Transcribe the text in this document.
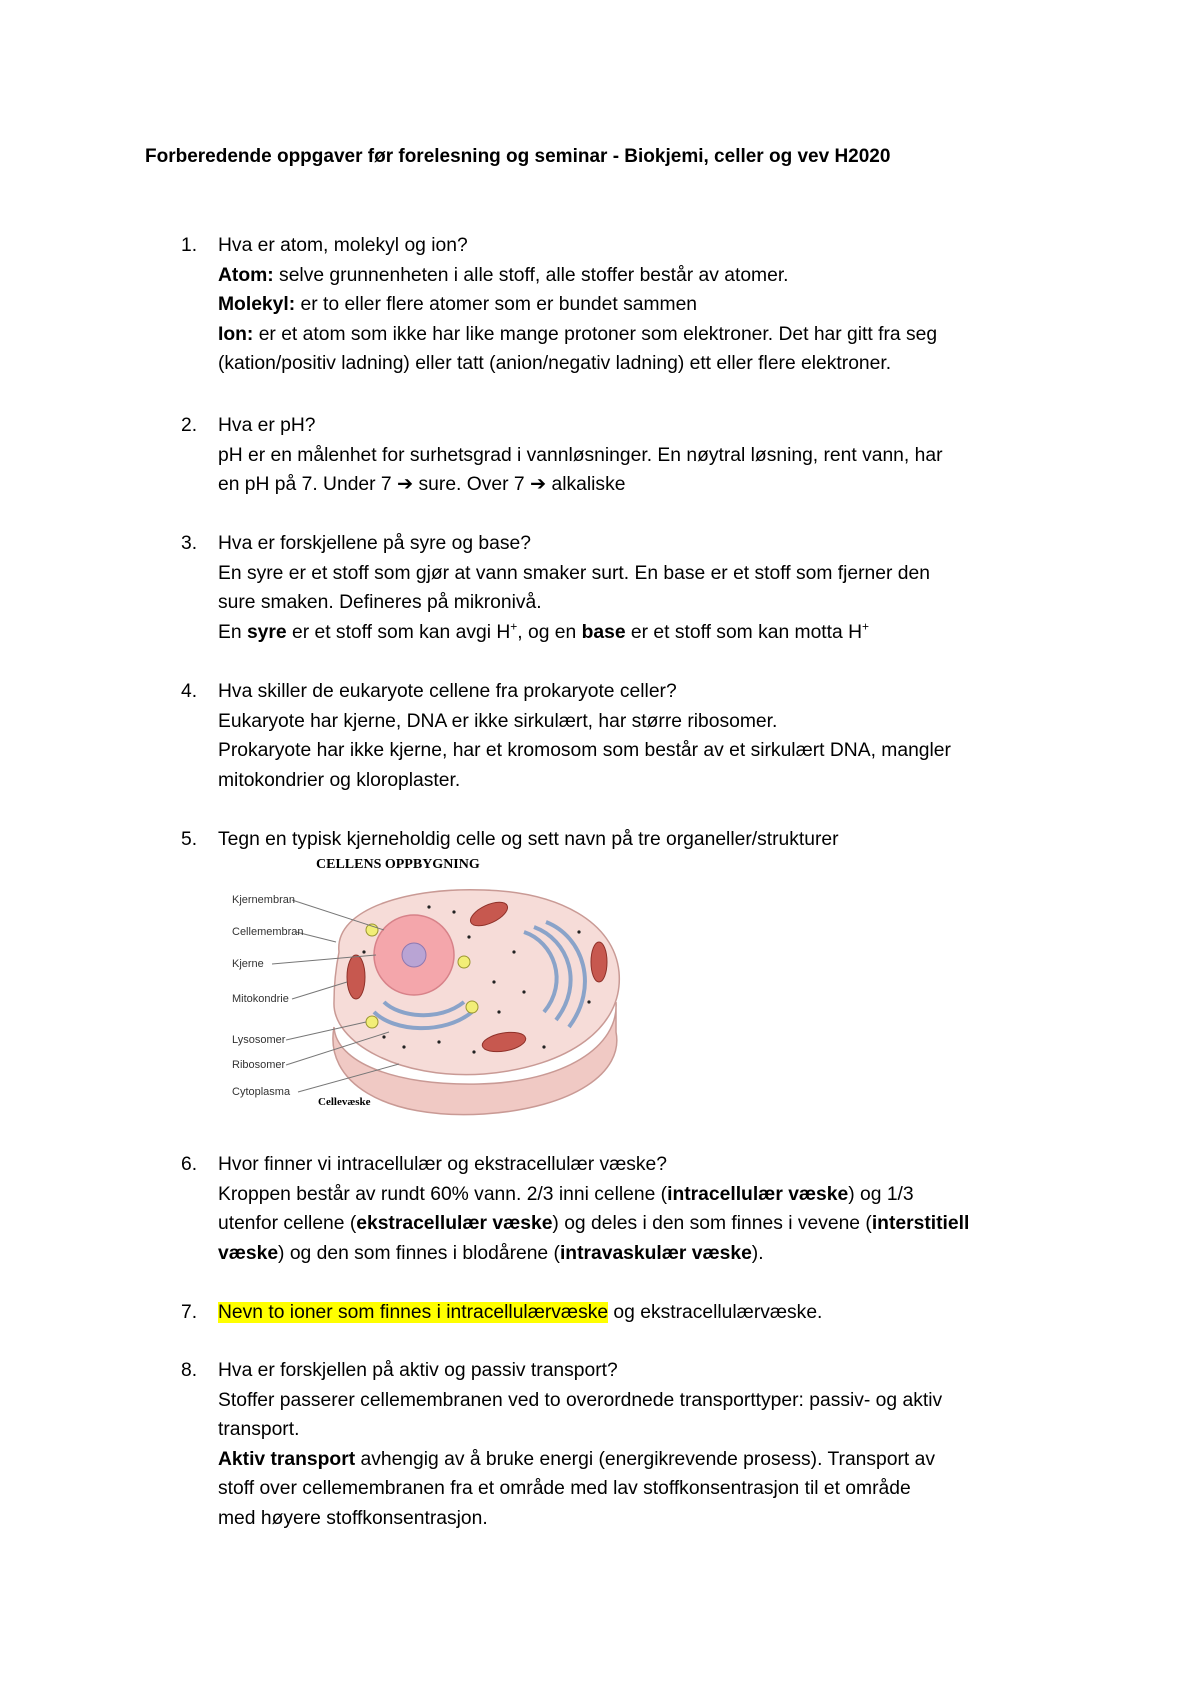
Forberedende oppgaver før forelesning og seminar - Biokjemi, celler og vev H2020
1. Hva er atom, molekyl og ion?
Atom: selve grunnenheten i alle stoff, alle stoffer består av atomer.
Molekyl: er to eller flere atomer som er bundet sammen
Ion: er et atom som ikke har like mange protoner som elektroner. Det har gitt fra seg
(kation/positiv ladning) eller tatt (anion/negativ ladning) ett eller flere elektroner.
2. Hva er pH?
pH er en målenhet for surhetsgrad i vannløsninger. En nøytral løsning, rent vann, har
en pH på 7. Under 7 ➔ sure. Over 7 ➔ alkaliske
3. Hva er forskjellene på syre og base?
En syre er et stoff som gjør at vann smaker surt. En base er et stoff som fjerner den
sure smaken. Defineres på mikronivå.
En syre er et stoff som kan avgi H+, og en base er et stoff som kan motta H+
4. Hva skiller de eukaryote cellene fra prokaryote celler?
Eukaryote har kjerne, DNA er ikke sirkulært, har større ribosomer.
Prokaryote har ikke kjerne, har et kromosom som består av et sirkulært DNA, mangler
mitokondrier og kloroplaster.
5. Tegn en typisk kjerneholdig celle og sett navn på tre organeller/strukturer
6. Hvor finner vi intracellulær og ekstracellulær væske?
Kroppen består av rundt 60% vann. 2/3 inni cellene (intracellulær væske) og 1/3
utenfor cellene (ekstracellulær væske) og deles i den som finnes i vevene (interstitiell
væske) og den som finnes i blodårene (intravaskulær væske).
7. Nevn to ioner som finnes i intracellulærvæske og ekstracellulærvæske.
8. Hva er forskjellen på aktiv og passiv transport?
Stoffer passerer cellemembranen ved to overordnede transporttyper: passiv- og aktiv
transport.
Aktiv transport avhengig av å bruke energi (energikrevende prosess). Transport av
stoff over cellemembranen fra et område med lav stoffkonsentrasjon til et område
med høyere stoffkonsentrasjon.
CELLENS OPPBYGNING
Kjernembran
Cellemembran
Kjerne
Mitokondrie
Lysosomer
Ribosomer
Cytoplasma
Cellevæske
